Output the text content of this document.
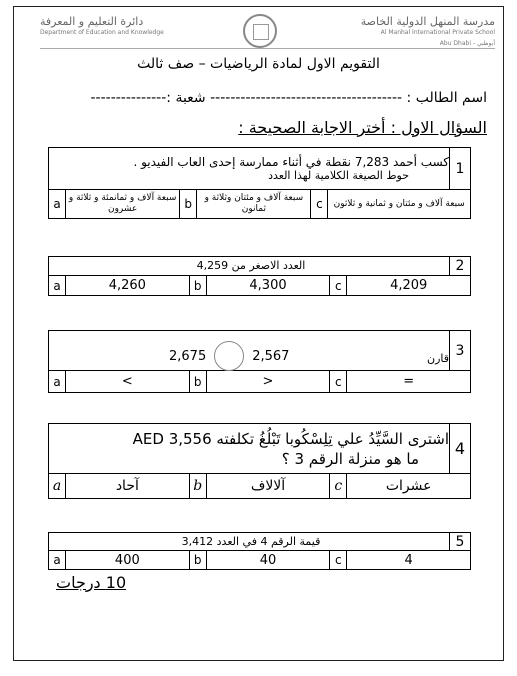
مدرسة المنهل الدولية الخاصة
Al Manhal International Private School
Abu Dhabi - أبوظبي
دائرة التعليم و المعرفة
Department of Education and Knowledge
التقويم الاول لمادة الرياضيات – صف ثالث
اسم الطالب : -------------------------------------- شعبة :---------------
السؤال الاول : أختر الاجابة الصحيحة :
1
كسب أحمد 7,283 نقطة في أثناء ممارسة إحدى العاب الفيديو .
حوط الصيغة الكلامية لهذا العدد
a سبعة آلاف و ثمانمئة و ثلاثة و عشرون	b	سبعة آلاف و مئتان وثلاثة و ثمانون	c	سبعة آلاف و مئتان و ثمانية و ثلاثون
2
العدد الاصغر من 4,259
a	4,260	b	4,300	c	4,209
3
قارن
2,675	2,567
a	<	b	>	c	=
4
اشترى السَّيِّدُ علي تِلِسْكُوبا تَبْلُغُ تكلفته AED 3,556
ما هو منزلة الرقم 3 ؟
a	آحاد	b	آلالاف	c	عشرات
5
قيمة الرقم 4 في العدد 3,412
a	400	b	40	c	4
10 درجات
